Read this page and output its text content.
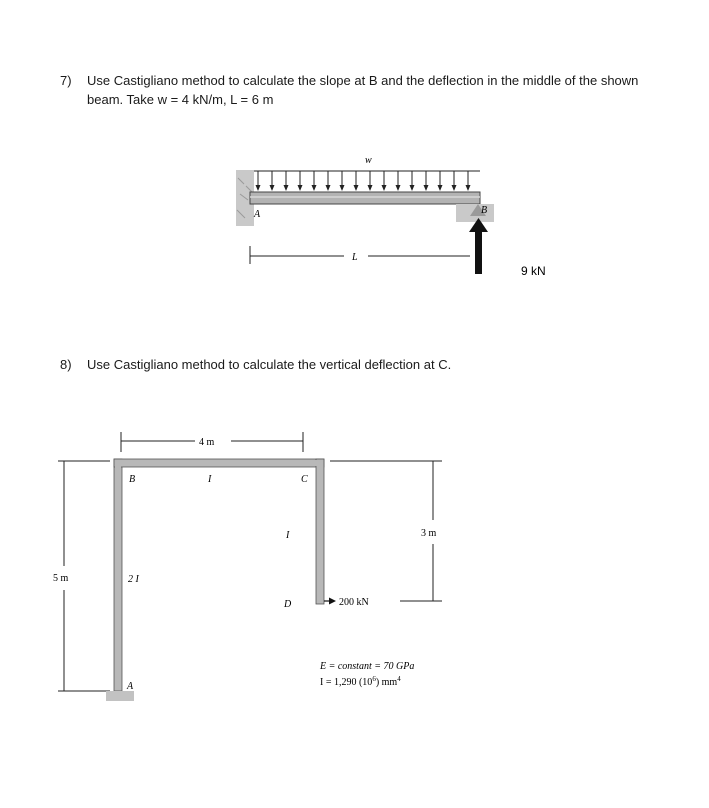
7) Use Castigliano method to calculate the slope at B and the deflection in the middle of the shown
beam. Take w = 4 kN/m, L = 6 m
w
A	B
9 kN
L
8) Use Castigliano method to calculate the vertical deflection at C.
4 m
5 m
B	I	C
I
2 I
A
D
3 m
200 kN
E = constant = 70 GPa
I = 1,290 $(10^6)$ $mm^4$
